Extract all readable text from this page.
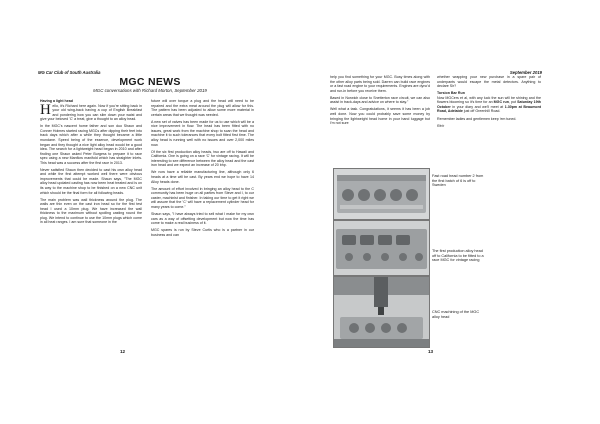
MG Car Club of South Australia
MGC NEWS
MGC conversations with Richard Morton, September 2019

Having a light head

Hello, it's Richard here again. Now if you're sitting back in your old wing-back having a cup of English Breakfast and pondering how you can slim down your waist and give your beloved 'C' a treat, give a thought to an alloy head.

In the MGC's nascent home father and son duo Shaun and Conner Holmes started racing MGCs after dipping their feet into track days which after a while they thought became a little mundane. Speed being of the essence, development work began and they thought a nice light alloy head would be a good idea. The search for a lightweight head began in 2010 and after finding one Shaun asked Peter Burgess to prepare it to race spec using a new Manflow manifold which has straighter inlets. This head was a success after the first race in 2013.

Never satisfied Shaun then decided to cast his own alloy head and while the first attempt worked well there were obvious improvements that could be made. Shaun says, "The MGC alloy head updated casting has now been heat treated and is on its way to the machine shop to be finished on a new CNC unit which should be the final form for all following heads.

The main problem was wall thickness around the plug. The walls are thin even on the cast iron head so for the first test head I used a 10mm plug. We have increased the wall thickness to the maximum without spoiling casting round the plug. We intend to continue to use the 10mm plugs which come in all heat ranges. I am sure that someone in the

future will over torque a plug and the head will need to be repaired and the extra meat around the plug will allow for this. The pattern has been adjusted to allow some more material in certain areas that we thought was needed.

A new set of valves has been made for us to use which will be a nice improvement in flow. The head has been fitted with no issues, great work from the machine shop to scan the head and machine it to such tolerances that every bolt fitted first time. The alloy head is running well with no issues and over 2,000 miles now.

Of the six first production alloy heads, two are off to Hawaii and California. One is going on a race 'C' for vintage racing. It will be interesting to see difference between the alloy head and the cast iron head and we expect an increase of 20 bhp.

We now have a reliable manufacturing line, although only 6 heads at a time will be cast. By years end we hope to have 14 Alloy heads done.

The amount of effort involved in bringing an alloy head to the C community has been huge on all parties from Steve and I, to our caster, machinist and finisher. In taking our time to get it right we will assure that the 'C' will have a replacement cylinder head for many years to come."

Shaun says, "I have always tried to sell what I make for my own cars as a way of offsetting development but now the time has come to make a real business of it.

MGC spares is run by Steve Curtis who is a partner in our business and can

12
September 2019

help you find something for your MGC. Busy times along with the other alloy parts being sold. Darren can build race engines or a fast road engine to your requirements. Engines are dyno'd and run-in before you receive them.

Based in Norwich close to Snetterton race circuit, we can also assist in track-days and advice on where to stay."

Well what a task. Congratulations, it seems it has been a job well done. Now you could probably save some money by bringing the lightweight head home in your hand luggage but I'm not sure

whether wrapping your new purchase in a spare pair of underpants would escape the metal detectors. Anything to declare Sir?

Torsion Bar Run

Now MGCers et al, with any luck the sun will be shining and the flowers blooming so it's time for an MGC run, put Saturday 19th October in your diary and we'll meet at 1.30pm at Beaumont Road, Adelaide just off Greenhill Road.

Remember ladies and gentlemen keep 'em tuned.

Rich

Fast road head number 2 from the first batch of 6 is off to Sweden
The first production alloy head off to California to be fitted to a race MGC for vintage racing
CNC machining of the MGC alloy head
13
